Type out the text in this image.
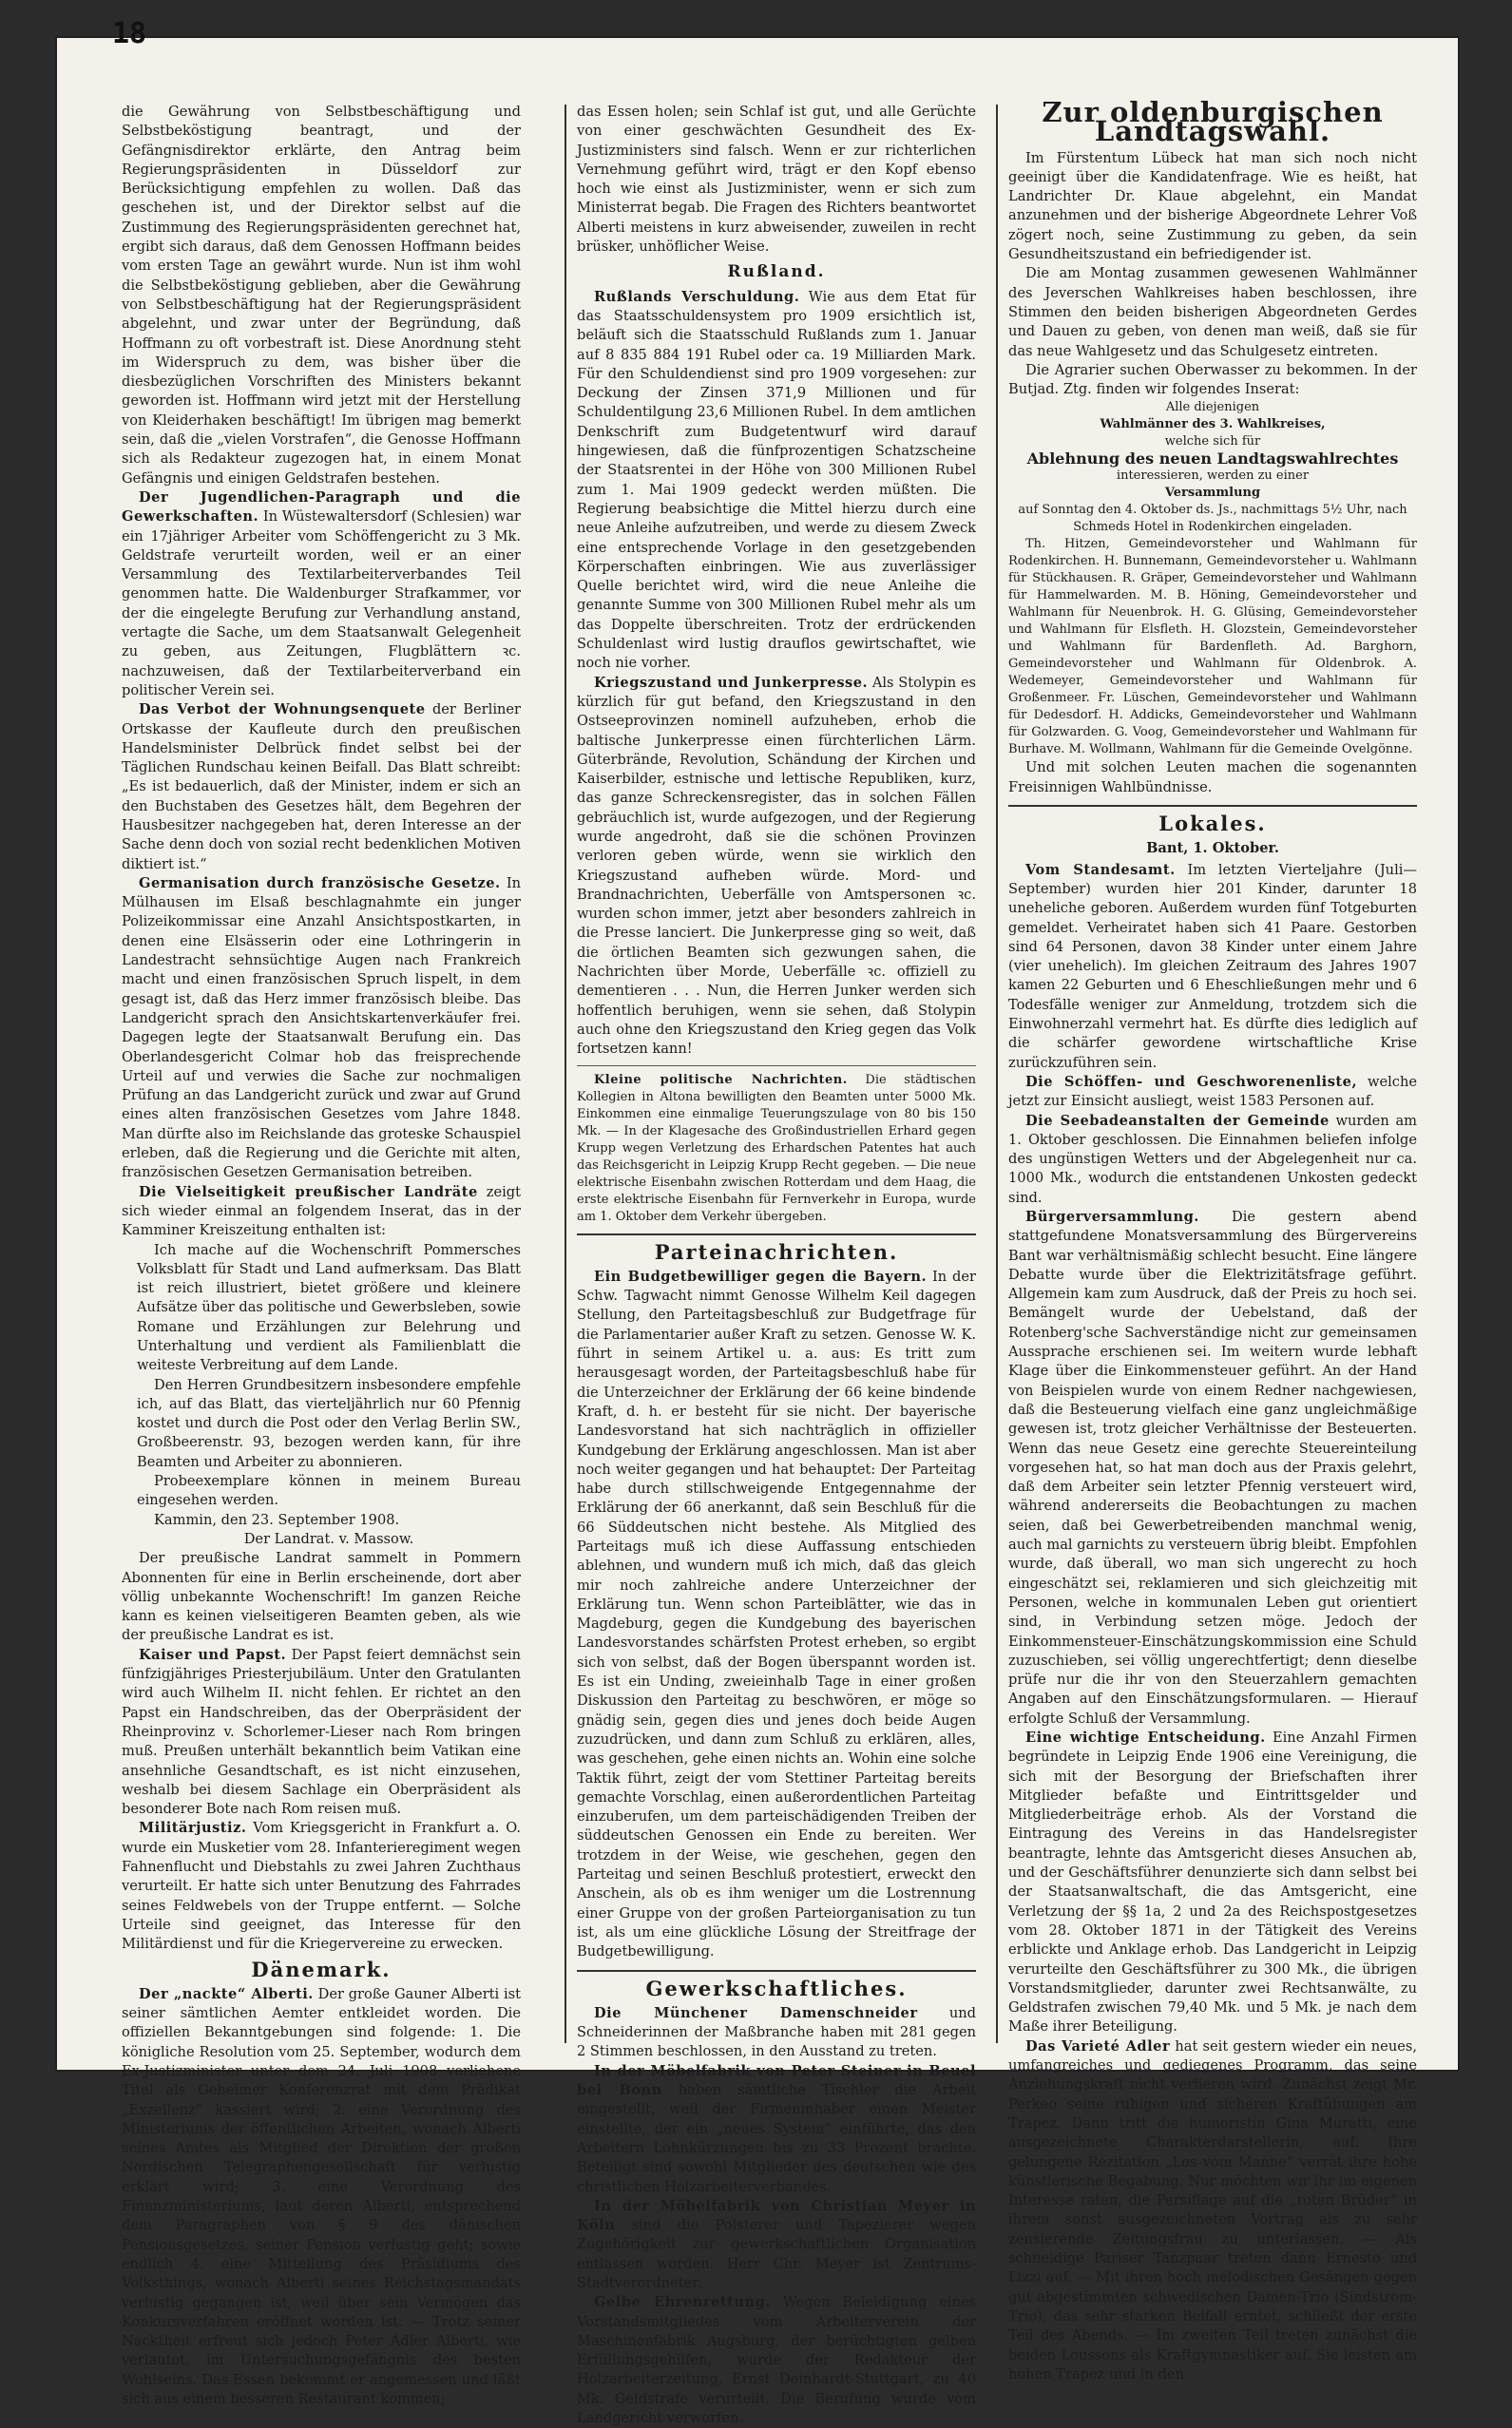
18

die Gewährung von Selbstbeschäftigung und Selbstbeköstigung beantragt, und der Gefängnisdirektor erklärte, den Antrag beim Regierungspräsidenten in Düsseldorf zur Berücksichtigung empfehlen zu wollen. Daß das geschehen ist, und der Direktor selbst auf die Zustimmung des Regierungspräsidenten gerechnet hat, ergibt sich daraus, daß dem Genossen Hoffmann beides vom ersten Tage an gewährt wurde. Nun ist ihm wohl die Selbstbeköstigung geblieben, aber die Gewährung von Selbstbeschäftigung hat der Regierungspräsident abgelehnt, und zwar unter der Begründung, daß Hoffmann zu oft vorbestraft ist. Diese Anordnung steht im Widerspruch zu dem, was bisher über die diesbezüglichen Vorschriften des Ministers bekannt geworden ist. Hoffmann wird jetzt mit der Herstellung von Kleiderhaken beschäftigt! Im übrigen mag bemerkt sein, daß die „vielen Vorstrafen“, die Genosse Hoffmann sich als Redakteur zugezogen hat, in einem Monat Gefängnis und einigen Geldstrafen bestehen.

Der Jugendlichen-Paragraph und die Gewerkschaften. In Wüstewaltersdorf (Schlesien) war ein 17jähriger Arbeiter vom Schöffengericht zu 3 Mk. Geldstrafe verurteilt worden, weil er an einer Versammlung des Textilarbeiterverbandes Teil genommen hatte. Die Waldenburger Strafkammer, vor der die eingelegte Berufung zur Verhandlung anstand, vertagte die Sache, um dem Staatsanwalt Gelegenheit zu geben, aus Zeitungen, Flugblättern ꝛc. nachzuweisen, daß der Textilarbeiterverband ein politischer Verein sei.

Das Verbot der Wohnungsenquete der Berliner Ortskasse der Kaufleute durch den preußischen Handelsminister Delbrück findet selbst bei der Täglichen Rundschau keinen Beifall. Das Blatt schreibt: „Es ist bedauerlich, daß der Minister, indem er sich an den Buchstaben des Gesetzes hält, dem Begehren der Hausbesitzer nachgegeben hat, deren Interesse an der Sache denn doch von sozial recht bedenklichen Motiven diktiert ist.“

Germanisation durch französische Gesetze. In Mülhausen im Elsaß beschlagnahmte ein junger Polizeikommissar eine Anzahl Ansichtspostkarten, in denen eine Elsässerin oder eine Lothringerin in Landestracht sehnsüchtige Augen nach Frankreich macht und einen französischen Spruch lispelt, in dem gesagt ist, daß das Herz immer französisch bleibe. Das Landgericht sprach den Ansichtskartenverkäufer frei. Dagegen legte der Staatsanwalt Berufung ein. Das Oberlandesgericht Colmar hob das freisprechende Urteil auf und verwies die Sache zur nochmaligen Prüfung an das Landgericht zurück und zwar auf Grund eines alten französischen Gesetzes vom Jahre 1848. Man dürfte also im Reichslande das groteske Schauspiel erleben, daß die Regierung und die Gerichte mit alten, französischen Gesetzen Germanisation betreiben.

Die Vielseitigkeit preußischer Landräte zeigt sich wieder einmal an folgendem Inserat, das in der Kamminer Kreiszeitung enthalten ist:

Ich mache auf die Wochenschrift Pommersches Volksblatt für Stadt und Land aufmerksam. Das Blatt ist reich illustriert, bietet größere und kleinere Aufsätze über das politische und Gewerbsleben, sowie Romane und Erzählungen zur Belehrung und Unterhaltung und verdient als Familienblatt die weiteste Verbreitung auf dem Lande.

Den Herren Grundbesitzern insbesondere empfehle ich, auf das Blatt, das vierteljährlich nur 60 Pfennig kostet und durch die Post oder den Verlag Berlin SW., Großbeerenstr. 93, bezogen werden kann, für ihre Beamten und Arbeiter zu abonnieren.

Probeexemplare können in meinem Bureau eingesehen werden.

Kammin, den 23. September 1908.

Der Landrat. v. Massow.

Der preußische Landrat sammelt in Pommern Abonnenten für eine in Berlin erscheinende, dort aber völlig unbekannte Wochenschrift! Im ganzen Reiche kann es keinen vielseitigeren Beamten geben, als wie der preußische Landrat es ist.

Kaiser und Papst. Der Papst feiert demnächst sein fünfzigjähriges Priesterjubiläum. Unter den Gratulanten wird auch Wilhelm II. nicht fehlen. Er richtet an den Papst ein Handschreiben, das der Oberpräsident der Rheinprovinz v. Schorlemer-Lieser nach Rom bringen muß. Preußen unterhält bekanntlich beim Vatikan eine ansehnliche Gesandtschaft, es ist nicht einzusehen, weshalb bei diesem Sachlage ein Oberpräsident als besonderer Bote nach Rom reisen muß.

Militärjustiz. Vom Kriegsgericht in Frankfurt a. O. wurde ein Musketier vom 28. Infanterieregiment wegen Fahnenflucht und Diebstahls zu zwei Jahren Zuchthaus verurteilt. Er hatte sich unter Benutzung des Fahrrades seines Feldwebels von der Truppe entfernt. — Solche Urteile sind geeignet, das Interesse für den Militärdienst und für die Kriegervereine zu erwecken.

Dänemark.

Der „nackte“ Alberti. Der große Gauner Alberti ist seiner sämtlichen Aemter entkleidet worden. Die offiziellen Bekanntgebungen sind folgende: 1. Die königliche Resolution vom 25. September, wodurch dem Ex-Justizminister unter dem 24. Juli 1908 verliehene Titel als Geheimer Konferenzrat mit dem Prädikat „Exzellenz“ kassiert wird; 2. eine Verordnung des Ministeriums der öffentlichen Arbeiten, wonach Alberti seines Amtes als Mitglied der Direktion der großen Nordischen Telegraphengesellschaft für verlustig erklärt wird; 3. eine Verordnung des Finanzministeriums, laut deren Alberti, entsprechend dem Paragraphen von § 9 des dänischen Pensionsgesetzes, seiner Pension verlustig geht; sowie endlich 4. eine Mitteilung des Präsidiums des Volksthings, wonach Alberti seines Reichstagsmandats verlustig gegangen ist, weil über sein Vermögen das Konkursverfahren eröffnet worden ist. — Trotz seiner Nacktheit erfreut sich jedoch Peter Adler Alberti, wie verlautet, im Untersuchungsgefängnis des besten Wohlseins. Das Essen bekommt er angemessen und läßt sich aus einem besseren Restaurant kommen;

das Essen holen; sein Schlaf ist gut, und alle Gerüchte von einer geschwächten Gesundheit des Ex-Justizministers sind falsch. Wenn er zur richterlichen Vernehmung geführt wird, trägt er den Kopf ebenso hoch wie einst als Justizminister, wenn er sich zum Ministerrat begab. Die Fragen des Richters beantwortet Alberti meistens in kurz abweisender, zuweilen in recht brüsker, unhöflicher Weise.

Rußland.

Rußlands Verschuldung. Wie aus dem Etat für das Staatsschuldensystem pro 1909 ersichtlich ist, beläuft sich die Staatsschuld Rußlands zum 1. Januar auf 8 835 884 191 Rubel oder ca. 19 Milliarden Mark. Für den Schuldendienst sind pro 1909 vorgesehen: zur Deckung der Zinsen 371,9 Millionen und für Schuldentilgung 23,6 Millionen Rubel. In dem amtlichen Denkschrift zum Budgetentwurf wird darauf hingewiesen, daß die fünfprozentigen Schatzscheine der Staatsrentei in der Höhe von 300 Millionen Rubel zum 1. Mai 1909 gedeckt werden müßten. Die Regierung beabsichtige die Mittel hierzu durch eine neue Anleihe aufzutreiben, und werde zu diesem Zweck eine entsprechende Vorlage in den gesetzgebenden Körperschaften einbringen. Wie aus zuverlässiger Quelle berichtet wird, wird die neue Anleihe die genannte Summe von 300 Millionen Rubel mehr als um das Doppelte überschreiten. Trotz der erdrückenden Schuldenlast wird lustig drauflos gewirtschaftet, wie noch nie vorher.

Kriegszustand und Junkerpresse. Als Stolypin es kürzlich für gut befand, den Kriegszustand in den Ostseeprovinzen nominell aufzuheben, erhob die baltische Junkerpresse einen fürchterlichen Lärm. Güterbrände, Revolution, Schändung der Kirchen und Kaiserbilder, estnische und lettische Republiken, kurz, das ganze Schreckensregister, das in solchen Fällen gebräuchlich ist, wurde aufgezogen, und der Regierung wurde angedroht, daß sie die schönen Provinzen verloren geben würde, wenn sie wirklich den Kriegszustand aufheben würde. Mord- und Brandnachrichten, Ueberfälle von Amtspersonen ꝛc. wurden schon immer, jetzt aber besonders zahlreich in die Presse lanciert. Die Junkerpresse ging so weit, daß die örtlichen Beamten sich gezwungen sahen, die Nachrichten über Morde, Ueberfälle ꝛc. offiziell zu dementieren . . . Nun, die Herren Junker werden sich hoffentlich beruhigen, wenn sie sehen, daß Stolypin auch ohne den Kriegszustand den Krieg gegen das Volk fortsetzen kann!

Kleine politische Nachrichten. Die städtischen Kollegien in Altona bewilligten den Beamten unter 5000 Mk. Einkommen eine einmalige Teuerungszulage von 80 bis 150 Mk. — In der Klagesache des Großindustriellen Erhard gegen Krupp wegen Verletzung des Erhardschen Patentes hat auch das Reichsgericht in Leipzig Krupp Recht gegeben. — Die neue elektrische Eisenbahn zwischen Rotterdam und dem Haag, die erste elektrische Eisenbahn für Fernverkehr in Europa, wurde am 1. Oktober dem Verkehr übergeben.

Parteinachrichten.

Ein Budgetbewilliger gegen die Bayern. In der Schw. Tagwacht nimmt Genosse Wilhelm Keil dagegen Stellung, den Parteitagsbeschluß zur Budgetfrage für die Parlamentarier außer Kraft zu setzen. Genosse W. K. führt in seinem Artikel u. a. aus: Es tritt zum herausgesagt worden, der Parteitagsbeschluß habe für die Unterzeichner der Erklärung der 66 keine bindende Kraft, d. h. er besteht für sie nicht. Der bayerische Landesvorstand hat sich nachträglich in offizieller Kundgebung der Erklärung angeschlossen. Man ist aber noch weiter gegangen und hat behauptet: Der Parteitag habe durch stillschweigende Entgegennahme der Erklärung der 66 anerkannt, daß sein Beschluß für die 66 Süddeutschen nicht bestehe. Als Mitglied des Parteitags muß ich diese Auffassung entschieden ablehnen, und wundern muß ich mich, daß das gleich mir noch zahlreiche andere Unterzeichner der Erklärung tun. Wenn schon Parteiblätter, wie das in Magdeburg, gegen die Kundgebung des bayerischen Landesvorstandes schärfsten Protest erheben, so ergibt sich von selbst, daß der Bogen überspannt worden ist. Es ist ein Unding, zweieinhalb Tage in einer großen Diskussion den Parteitag zu beschwören, er möge so gnädig sein, gegen dies und jenes doch beide Augen zuzudrücken, und dann zum Schluß zu erklären, alles, was geschehen, gehe einen nichts an. Wohin eine solche Taktik führt, zeigt der vom Stettiner Parteitag bereits gemachte Vorschlag, einen außerordentlichen Parteitag einzuberufen, um dem parteischädigenden Treiben der süddeutschen Genossen ein Ende zu bereiten. Wer trotzdem in der Weise, wie geschehen, gegen den Parteitag und seinen Beschluß protestiert, erweckt den Anschein, als ob es ihm weniger um die Lostrennung einer Gruppe von der großen Parteiorganisation zu tun ist, als um eine glückliche Lösung der Streitfrage der Budgetbewilligung.

Gewerkschaftliches.

Die Münchener Damenschneider und Schneiderinnen der Maßbranche haben mit 281 gegen 2 Stimmen beschlossen, in den Ausstand zu treten.

In der Möbelfabrik von Peter Steiner in Beuel bei Bonn haben sämtliche Tischler die Arbeit eingestellt, weil der Firmeninhaber einen Meister einstellte, der ein „neues System“ einführte, das den Arbeitern Lohnkürzungen bis zu 33 Prozent brachte. Beteiligt sind sowohl Mitglieder des deutschen wie des christlichen Holzarbeiterverbandes.

In der Möbelfabrik von Christian Meyer in Köln sind die Polsterer und Tapezierer wegen Zugehörigkeit zur gewerkschaftlichen Organisation entlassen worden. Herr Chr. Meyer ist Zentrums-Stadtverordneter.

Gelbe Ehrenrettung. Wegen Beleidigung eines Vorstandsmitgliedes vom Arbeiterverein der Maschinenfabrik Augsburg, der berüchtigten gelben Erfüllungsgehilfen, wurde der Redakteur der Holzarbeiterzeitung, Ernst Deinhardt-Stuttgart, zu 40 Mk. Geldstrafe verurteilt. Die Berufung wurde vom Landgericht verworfen.

Zur oldenburgischen Landtagswahl.

Im Fürstentum Lübeck hat man sich noch nicht geeinigt über die Kandidatenfrage. Wie es heißt, hat Landrichter Dr. Klaue abgelehnt, ein Mandat anzunehmen und der bisherige Abgeordnete Lehrer Voß zögert noch, seine Zustimmung zu geben, da sein Gesundheitszustand ein befriedigender ist.

Die am Montag zusammen gewesenen Wahlmänner des Jeverschen Wahlkreises haben beschlossen, ihre Stimmen den beiden bisherigen Abgeordneten Gerdes und Dauen zu geben, von denen man weiß, daß sie für das neue Wahlgesetz und das Schulgesetz eintreten.

Die Agrarier suchen Oberwasser zu bekommen. In der Butjad. Ztg. finden wir folgendes Inserat:

Alle diejenigen

Wahlmänner des 3. Wahlkreises,

welche sich für

Ablehnung des neuen Landtagswahlrechtes

interessieren, werden zu einer

Versammlung

auf Sonntag den 4. Oktober ds. Js., nachmittags 5½ Uhr, nach Schmeds Hotel in Rodenkirchen eingeladen.

Th. Hitzen, Gemeindevorsteher und Wahlmann für Rodenkirchen. H. Bunnemann, Gemeindevorsteher u. Wahlmann für Stückhausen. R. Gräper, Gemeindevorsteher und Wahlmann für Hammelwarden. M. B. Höning, Gemeindevorsteher und Wahlmann für Neuenbrok. H. G. Glüsing, Gemeindevorsteher und Wahlmann für Elsfleth. H. Glozstein, Gemeindevorsteher und Wahlmann für Bardenfleth. Ad. Barghorn, Gemeindevorsteher und Wahlmann für Oldenbrok. A. Wedemeyer, Gemeindevorsteher und Wahlmann für Großenmeer. Fr. Lüschen, Gemeindevorsteher und Wahlmann für Dedesdorf. H. Addicks, Gemeindevorsteher und Wahlmann für Golzwarden. G. Voog, Gemeindevorsteher und Wahlmann für Burhave. M. Wollmann, Wahlmann für die Gemeinde Ovelgönne.

Und mit solchen Leuten machen die sogenannten Freisinnigen Wahlbündnisse.

Lokales.
Bant, 1. Oktober.

Vom Standesamt. Im letzten Vierteljahre (Juli—September) wurden hier 201 Kinder, darunter 18 uneheliche geboren. Außerdem wurden fünf Totgeburten gemeldet. Verheiratet haben sich 41 Paare. Gestorben sind 64 Personen, davon 38 Kinder unter einem Jahre (vier unehelich). Im gleichen Zeitraum des Jahres 1907 kamen 22 Geburten und 6 Eheschließungen mehr und 6 Todesfälle weniger zur Anmeldung, trotzdem sich die Einwohnerzahl vermehrt hat. Es dürfte dies lediglich auf die schärfer gewordene wirtschaftliche Krise zurückzuführen sein.

Die Schöffen- und Geschworenenliste, welche jetzt zur Einsicht ausliegt, weist 1583 Personen auf.

Die Seebadeanstalten der Gemeinde wurden am 1. Oktober geschlossen. Die Einnahmen beliefen infolge des ungünstigen Wetters und der Abgelegenheit nur ca. 1000 Mk., wodurch die entstandenen Unkosten gedeckt sind.

Bürgerversammlung. Die gestern abend stattgefundene Monatsversammlung des Bürgervereins Bant war verhältnismäßig schlecht besucht. Eine längere Debatte wurde über die Elektrizitätsfrage geführt. Allgemein kam zum Ausdruck, daß der Preis zu hoch sei. Bemängelt wurde der Uebelstand, daß der Rotenberg'sche Sachverständige nicht zur gemeinsamen Aussprache erschienen sei. Im weitern wurde lebhaft Klage über die Einkommensteuer geführt. An der Hand von Beispielen wurde von einem Redner nachgewiesen, daß die Besteuerung vielfach eine ganz ungleichmäßige gewesen ist, trotz gleicher Verhältnisse der Besteuerten. Wenn das neue Gesetz eine gerechte Steuereinteilung vorgesehen hat, so hat man doch aus der Praxis gelehrt, daß dem Arbeiter sein letzter Pfennig versteuert wird, während andererseits die Beobachtungen zu machen seien, daß bei Gewerbetreibenden manchmal wenig, auch mal garnichts zu versteuern übrig bleibt. Empfohlen wurde, daß überall, wo man sich ungerecht zu hoch eingeschätzt sei, reklamieren und sich gleichzeitig mit Personen, welche in kommunalen Leben gut orientiert sind, in Verbindung setzen möge. Jedoch der Einkommensteuer-Einschätzungskommission eine Schuld zuzuschieben, sei völlig ungerechtfertigt; denn dieselbe prüfe nur die ihr von den Steuerzahlern gemachten Angaben auf den Einschätzungsformularen. — Hierauf erfolgte Schluß der Versammlung.

Eine wichtige Entscheidung. Eine Anzahl Firmen begründete in Leipzig Ende 1906 eine Vereinigung, die sich mit der Besorgung der Briefschaften ihrer Mitglieder befaßte und Eintrittsgelder und Mitgliederbeiträge erhob. Als der Vorstand die Eintragung des Vereins in das Handelsregister beantragte, lehnte das Amtsgericht dieses Ansuchen ab, und der Geschäftsführer denunzierte sich dann selbst bei der Staatsanwaltschaft, die das Amtsgericht, eine Verletzung der §§ 1a, 2 und 2a des Reichspostgesetzes vom 28. Oktober 1871 in der Tätigkeit des Vereins erblickte und Anklage erhob. Das Landgericht in Leipzig verurteilte den Geschäftsführer zu 300 Mk., die übrigen Vorstandsmitglieder, darunter zwei Rechtsanwälte, zu Geldstrafen zwischen 79,40 Mk. und 5 Mk. je nach dem Maße ihrer Beteiligung.

Das Varieté Adler hat seit gestern wieder ein neues, umfangreiches und gediegenes Programm, das seine Anziehungskraft nicht verlieren wird. Zunächst zeigt Mr. Perkeo seine ruhigen und sicheren Kraftübungen am Trapez. Dann tritt die humoristin Gina Muratti, eine ausgezeichnete Charakterdarstellerin, auf. Ihre gelungene Rezitation „Los vom Manne“ verrät ihre hohe künstlerische Begabung. Nur möchten wir ihr im eigenen Interesse raten, die Persiflage auf die „roten Brüder“ in ihrem sonst ausgezeichneten Vortrag als zu sehr zensierende Zeitungsfrau zu unterlassen. — Als schneidige Pariser Tanzpaar treten dann Ernesto und Lizzi auf. — Mit ihren hoch melodischen Gesängen gegen gut abgestimmten schwedischen Damen-Trio (Sindstrom-Trio), das sehr starken Beifall erntet, schließt der erste Teil des Abends. — Im zweiten Teil treten zunächst die beiden Loussons als Kraftgymnastiker auf. Sie leisten am hohen Trapez und in den
